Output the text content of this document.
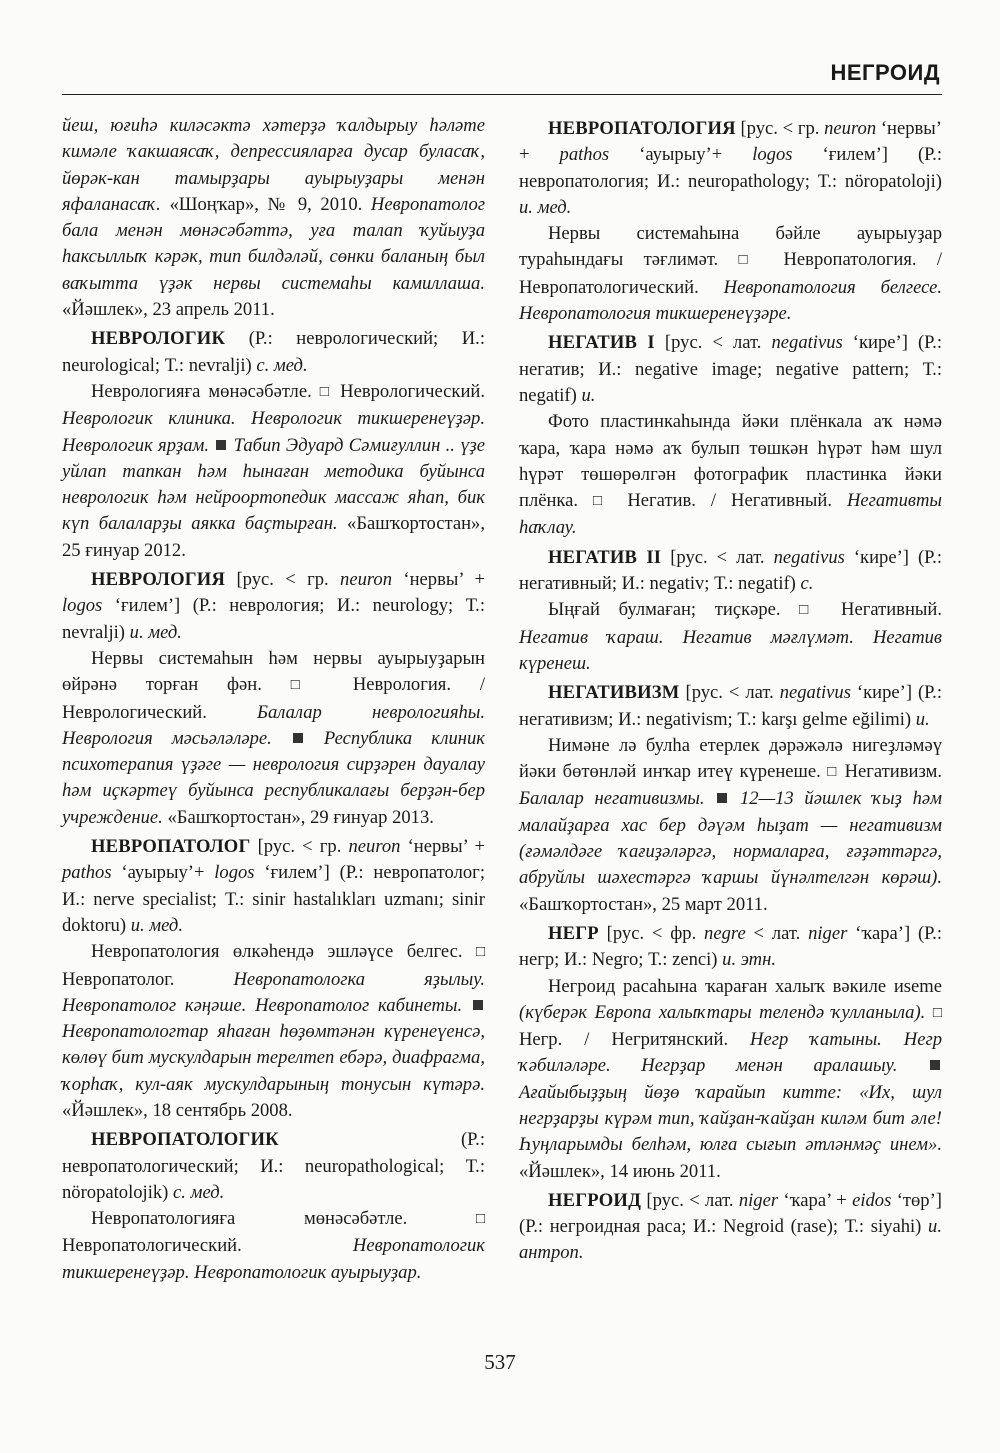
НЕГРОИД

йеш, юғиһә киләсәктә хәтерҙә ҡалдырыу һәләте кимәле ҡакшаясаҡ, депрессияларға дусар буласаҡ, йөрәк-кан тамырҙары ауырыуҙары менән яфаланасаҡ. «Шоңҡар», № 9, 2010. Невропатолог бала менән мөнәсәбәттә, уға талап ҡуйыуҙа һаксыллыҡ кәрәк, тип билдәләй, сөнки баланың был ваҡытта үҙәк нервы системаһы камиллаша. «Йәшлек», 23 апрель 2011.

НЕВРОЛОГИК (Р.: неврологический; И.: neurological; Т.: nevralji) с. мед.

Неврологияға мөнәсәбәтле. □ Неврологический. Неврологик клиника. Неврологик тикшеренеүҙәр. Неврологик ярҙам. Табип Эдуард Сәмиғуллин .. үҙе уйлап тапкан һәм һынаған методика буйынса неврологик һәм нейроортопедик массаж яһап, бик күп балаларҙы аякка баҫтырған. «Башҡортостан», 25 ғинуар 2012.

НЕВРОЛОГИЯ [рус. < гр. neuron ‘нервы’ + logos ‘ғилем’] (Р.: неврология; И.: neurology; Т.: nevralji) и. мед.

Нервы системаһын һәм нервы ауырыуҙарын өйрәнә торған фән. □ Неврология. / Неврологический. Балалар неврологияһы. Неврология мәсьәләләре.	Республика клиник психотерапия үҙәге — неврология сирҙәрен дауалау һәм иҫкәртеү буйынса республикалағы берҙән-бер учреждение. «Башҡортостан», 29 ғинуар 2013.

НЕВРОПАТОЛОГ [рус. < гр. neuron ‘нервы’ + pathos ‘ауырыу’+ logos ‘ғилем’] (Р.: невропатолог; И.: nerve specialist; Т.: sinir hastalıkları uzmanı; sinir doktoru) и. мед.

Невропатология өлкәһендә эшләүсе белгес. □ Невропатолог. Невропатологка яҙылыу. Невропатолог кәңәше. Невропатолог кабинеты.  Невропатологтар яһаған һөҙөмтәнән күренеүенсә, көлөү бит мускулдарын терелтеп ебәрә, диафрагма, ҡорһаҡ, кул-аяк мускулдарының тонусын күтәрә. «Йәшлек», 18 сентябрь 2008.

НЕВРОПАТОЛОГИК (Р.: невропатологический; И.: neuropathological; Т.: nöropatolojik) с. мед.

Невропатологияға мөнәсәбәтле. □ Невропатологический. Невропатологик тикшеренеүҙәр. Невропатологик ауырыуҙар.

НЕВРОПАТОЛОГИЯ [рус. < гр. neuron ‘нервы’ + pathos ‘ауырыу’+ logos ‘ғилем’] (Р.: невропатология; И.: neuropathology; Т.: nöropatoloji) и. мед.

Нервы системаһына бәйле ауырыуҙар тураһындағы тәғлимәт. □ Невропатология. / Невропатологический. Невропатология белгесе. Невропатология тикшеренеүҙәре.

НЕГАТИВ I [рус. < лат. negativus ‘кире’] (Р.: негатив; И.: negative image; negative pattern; Т.: negatif) и.

Фото пластинкаһында йәки плёнкала аҡ нәмә ҡара, ҡара нәмә аҡ булып төшкән һүрәт һәм шул һүрәт төшөрөлгән фотографик пластинка йәки плёнка. □ Негатив. / Негативный. Негативты һаҡлау.

НЕГАТИВ II [рус. < лат. negativus ‘кире’] (Р.: негативный; И.: negativ; Т.: negatif) с.

Ыңғай булмаған; тиҫкәре. □ Негативный. Негатив ҡараш. Негатив мәғлүмәт. Негатив күренеш.

НЕГАТИВИЗМ [рус. < лат. negativus ‘кире’] (Р.: негативизм; И.: negativism; Т.: karşı gelme eğilimi) и.

Нимәне лә булһа етерлек дәрәжәлә нигеҙләмәү йәки бөтөнләй инҡар итеү күренеше. □ Негативизм. Балалар негативизмы. 12—13 йәшлек ҡыҙ һәм малайҙарға хас бер дәүәм һыҙат — негативизм (ғәмәлдәге ҡағиҙәләргә, нормаларға, ғәҙәттәргә, абруйлы шәхестәргә ҡаршы йүнәлтелгән көрәш). «Башҡортостан», 25 март 2011.

НЕГР [рус. < фр. negre < лат. niger ‘ҡара’] (Р.: негр; И.: Negro; Т.: zenci) и. этн.

Негроид расаһына ҡараған халыҡ вәкиле иseme (күберәк Европа халыҡтары телендә ҡулланыла). □ Негр. / Негритянский. Негр ҡатыны. Негр ҡәбиләләре. Негрҙар менән аралашыу.  Ағайыбыҙҙың йөҙө ҡарайып китте: «Их, шул негрҙарҙы күрәм тип, ҡайҙан-ҡайҙан киләм бит әле! Һуңларымды белһәм, юлға сығып әтләнмәҫ инем». «Йәшлек», 14 июнь 2011.

НЕГРОИД [рус. < лат. niger ‘ҡара’ + eidos ‘төр’] (Р.: негроидная раса; И.: Negroid (rase); Т.: siyahi) и. антроп.

537
